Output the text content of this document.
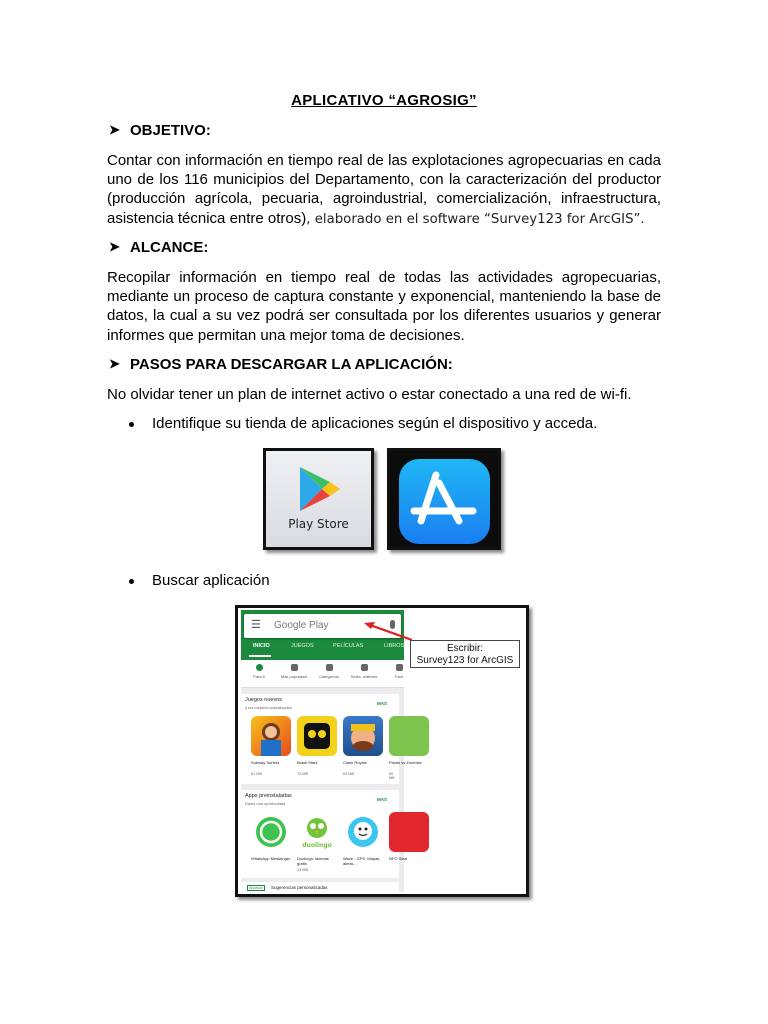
APLICATIVO “AGROSIG”
➤ OBJETIVO:
Contar con información en tiempo real de las explotaciones agropecuarias en cada uno de los 116 municipios del Departamento, con la caracterización del productor (producción agrícola, pecuaria, agroindustrial, comercialización, infraestructura, asistencia técnica entre otros), elaborado en el software “Survey123 for ArcGIS”.
➤ ALCANCE:
Recopilar información en tiempo real de todas las actividades agropecuarias, mediante un proceso de captura constante y exponencial, manteniendo la base de datos, la cual a su vez podrá ser consultada por los diferentes usuarios y generar informes que permitan una mejor toma de decisiones.
➤ PASOS PARA DESCARGAR LA APLICACIÓN:
No olvidar tener un plan de internet activo o estar conectado a una red de wi-fi.
Identifique su tienda de aplicaciones según el dispositivo y acceda.
Play Store
Buscar aplicación
☰ Google Play
INICIO	JUEGOS	PELÍCULAS	LIBROS
Para ti	Más populares	Categorías	Selec. editores	Fam
Juegos nuevos
y los mejores actualizados
MÁS
Subway Surfers	Brawl Stars	Clash Royale	Plants vs Zombies
61 MB	70 MB	63 MB	90 MB
Apps preinstaladas
Dales una oportunidad
MÁS
duolingo
WhatsApp Messenger Duolingo: idiomas gratis
Waze - GPS, Mapas, alerta...
NPO Start
14 MB
Anuncio	Sugerencias personalizadas
Escribir:
Survey123 for ArcGIS
